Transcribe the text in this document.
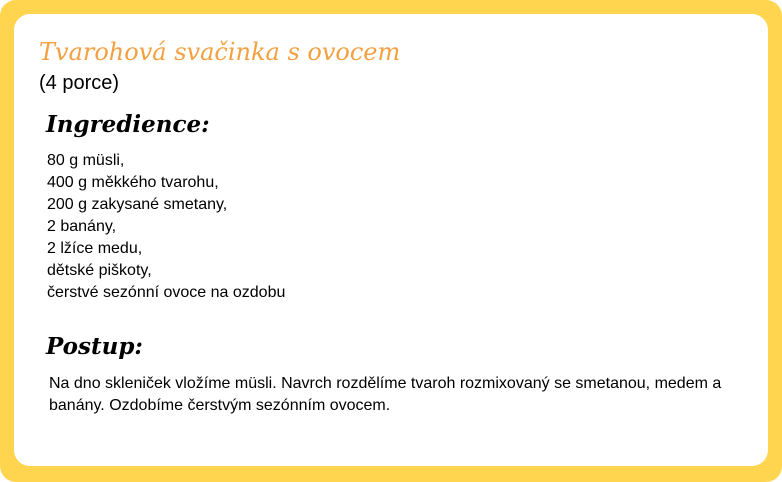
Tvarohová svačinka s ovocem
(4 porce)
Ingredience:
80 g müsli,
400 g měkkého tvarohu,
200 g zakysané smetany,
2 banány,
2 lžíce medu,
dětské piškoty,
čerstvé sezónní ovoce na ozdobu
Postup:

Na dno skleniček vložíme müsli. Navrch rozdělíme tvaroh rozmixovaný se smetanou, medem a banány. Ozdobíme čerstvým sezónním ovocem.
